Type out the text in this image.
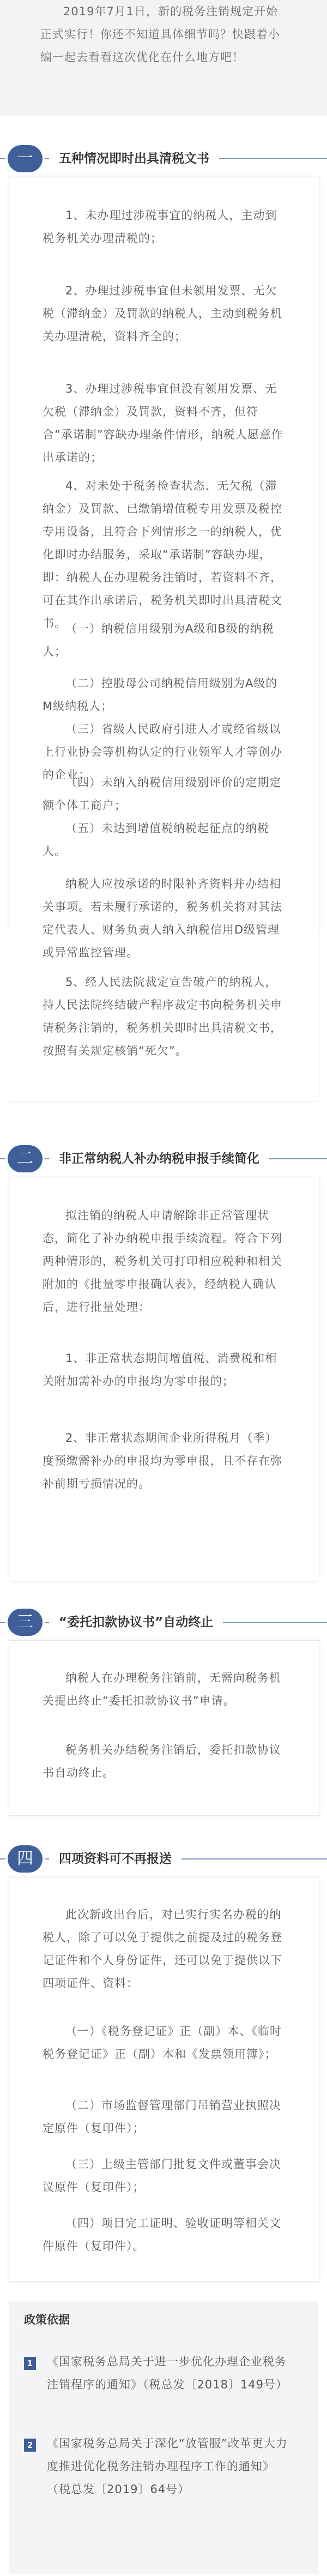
2019年7月1日，新的税务注销规定开始正式实行！你还不知道具体细节吗？快跟着小编一起去看看这次优化在什么地方吧！

一	五种情况即时出具清税文书

1、未办理过涉税事宜的纳税人，主动到税务机关办理清税的；

2、办理过涉税事宜但未领用发票、无欠税（滞纳金）及罚款的纳税人，主动到税务机关办理清税，资料齐全的；

3、办理过涉税事宜但没有领用发票、无欠税（滞纳金）及罚款，资料不齐，但符合“承诺制”容缺办理条件情形，纳税人愿意作出承诺的；

4、对未处于税务检查状态、无欠税（滞纳金）及罚款、已缴销增值税专用发票及税控专用设备，且符合下列情形之一的纳税人，优化即时办结服务，采取“承诺制”容缺办理，即：纳税人在办理税务注销时，若资料不齐，可在其作出承诺后，税务机关即时出具清税文书。

（一）纳税信用级别为A级和B级的纳税人；

（二）控股母公司纳税信用级别为A级的M级纳税人；

（三）省级人民政府引进人才或经省级以上行业协会等机构认定的行业领军人才等创办的企业；

（四）未纳入纳税信用级别评价的定期定额个体工商户；

（五）未达到增值税纳税起征点的纳税人。

纳税人应按承诺的时限补齐资料并办结相关事项。若未履行承诺的，税务机关将对其法定代表人、财务负责人纳入纳税信用D级管理或异常监控管理。

5、经人民法院裁定宣告破产的纳税人，持人民法院终结破产程序裁定书向税务机关申请税务注销的，税务机关即时出具清税文书，按照有关规定核销“死欠”。

二	非正常纳税人补办纳税申报手续简化

拟注销的纳税人申请解除非正常管理状态，简化了补办纳税申报手续流程。符合下列两种情形的，税务机关可打印相应税种和相关附加的《批量零申报确认表》，经纳税人确认后，进行批量处理：

1、非正常状态期间增值税、消费税和相关附加需补办的申报均为零申报的；

2、非正常状态期间企业所得税月（季）度预缴需补办的申报均为零申报，且不存在弥补前期亏损情况的。

三	“委托扣款协议书”自动终止

纳税人在办理税务注销前，无需向税务机关提出终止“委托扣款协议书”申请。

税务机关办结税务注销后，委托扣款协议书自动终止。

四	四项资料可不再报送

此次新政出台后，对已实行实名办税的纳税人，除了可以免于提供之前提及过的税务登记证件和个人身份证件，还可以免于提供以下四项证件、资料：

（一）《税务登记证》正（副）本、《临时税务登记证》正（副）本和《发票领用簿》；

（二）市场监督管理部门吊销营业执照决定原件（复印件）；

（三）上级主管部门批复文件或董事会决议原件（复印件）；

（四）项目完工证明、验收证明等相关文件原件（复印件）。

政策依据
1 《国家税务总局关于进一步优化办理企业税务注销程序的通知》（税总发〔2018〕149号）

2 《国家税务总局关于深化“放管服”改革更大力度推进优化税务注销办理程序工作的通知》（税总发〔2019〕64号）
